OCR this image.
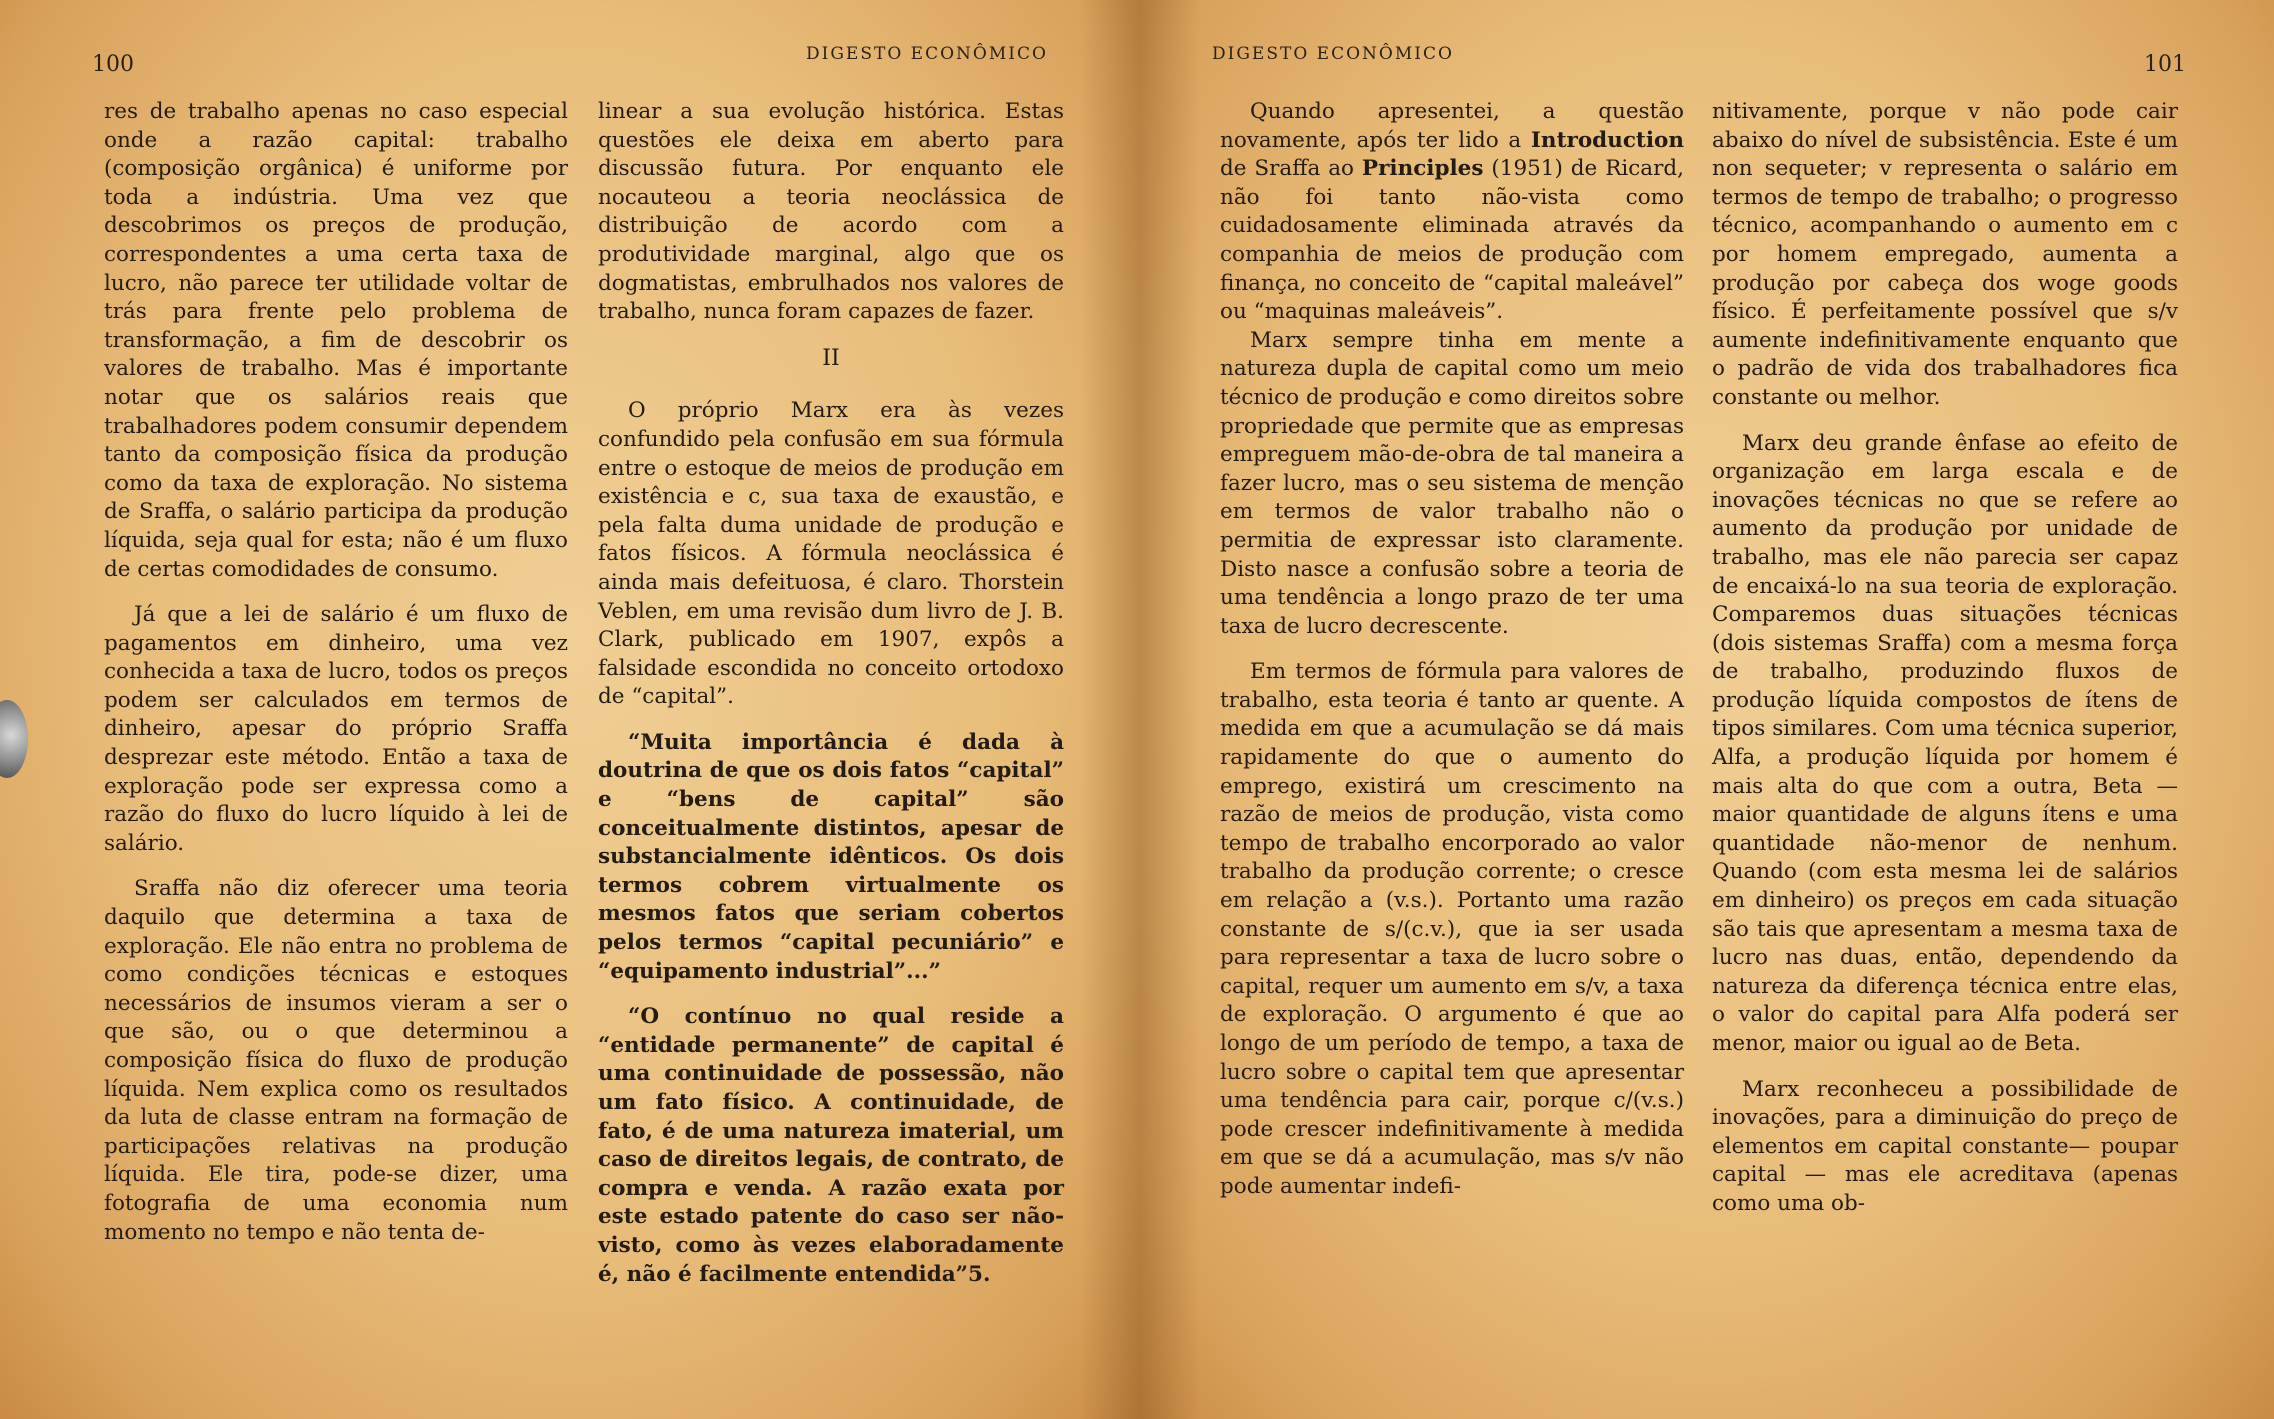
100	DIGESTO ECONÔMICO

res de trabalho apenas no caso especial onde a razão capital: trabalho (composição orgânica) é uniforme por toda a indústria. Uma vez que descobrimos os preços de produção, correspondentes a uma certa taxa de lucro, não parece ter utilidade voltar de trás para frente pelo problema de transformação, a fim de descobrir os valores de trabalho. Mas é importante notar que os salários reais que trabalhadores podem consumir dependem tanto da composição física da produção como da taxa de exploração. No sistema de Sraffa, o salário participa da produção líquida, seja qual for esta; não é um fluxo de certas comodidades de consumo.

Já que a lei de salário é um fluxo de pagamentos em dinheiro, uma vez conhecida a taxa de lucro, todos os preços podem ser calculados em termos de dinheiro, apesar do próprio Sraffa desprezar este método. Então a taxa de exploração pode ser expressa como a razão do fluxo do lucro líquido à lei de salário.

Sraffa não diz oferecer uma teoria daquilo que determina a taxa de exploração. Ele não entra no problema de como condições técnicas e estoques necessários de insumos vieram a ser o que são, ou o que determinou a composição física do fluxo de produção líquida. Nem explica como os resultados da luta de classe entram na formação de participações relativas na produção líquida. Ele tira, pode-se dizer, uma fotografia de uma economia num momento no tempo e não tenta de-

linear a sua evolução histórica. Estas questões ele deixa em aberto para discussão futura. Por enquanto ele nocauteou a teoria neoclássica de distribuição de acordo com a produtividade marginal, algo que os dogmatistas, embrulhados nos valores de trabalho, nunca foram capazes de fazer.

II

O próprio Marx era às vezes confundido pela confusão em sua fórmula entre o estoque de meios de produção em existência e c, sua taxa de exaustão, e pela falta duma unidade de produção e fatos físicos. A fórmula neoclássica é ainda mais defeituosa, é claro. Thorstein Veblen, em uma revisão dum livro de J. B. Clark, publicado em 1907, expôs a falsidade escondida no conceito ortodoxo de “capital”.

“Muita importância é dada à doutrina de que os dois fatos “capital” e “bens de capital” são conceitualmente distintos, apesar de substancialmente idênticos. Os dois termos cobrem virtualmente os mesmos fatos que seriam cobertos pelos termos “capital pecuniário” e “equipamento industrial”...”

“O contínuo no qual reside a “entidade permanente” de capital é uma continuidade de possessão, não um fato físico. A continuidade, de fato, é de uma natureza imaterial, um caso de direitos legais, de contrato, de compra e venda. A razão exata por este estado patente do caso ser não-visto, como às vezes elaboradamente é, não é facilmente entendida”5.

DIGESTO ECONÔMICO	101

Quando apresentei, a questão novamente, após ter lido a Introduction de Sraffa ao Principles (1951) de Ricard, não foi tanto não-vista como cuidadosamente eliminada através da companhia de meios de produção com finança, no conceito de “capital maleável” ou “maquinas maleáveis”.

Marx sempre tinha em mente a natureza dupla de capital como um meio técnico de produção e como direitos sobre propriedade que permite que as empresas empreguem mão-de-obra de tal maneira a fazer lucro, mas o seu sistema de menção em termos de valor trabalho não o permitia de expressar isto claramente. Disto nasce a confusão sobre a teoria de uma tendência a longo prazo de ter uma taxa de lucro decrescente.

Em termos de fórmula para valores de trabalho, esta teoria é tanto ar quente. A medida em que a acumulação se dá mais rapidamente do que o aumento do emprego, existirá um crescimento na razão de meios de produção, vista como tempo de trabalho encorporado ao valor trabalho da produção corrente; o cresce em relação a (v.s.). Portanto uma razão constante de s/(c.v.), que ia ser usada para representar a taxa de lucro sobre o capital, requer um aumento em s/v, a taxa de exploração. O argumento é que ao longo de um período de tempo, a taxa de lucro sobre o capital tem que apresentar uma tendência para cair, porque c/(v.s.) pode crescer indefinitivamente à medida em que se dá a acumulação, mas s/v não pode aumentar indefi-

nitivamente, porque v não pode cair abaixo do nível de subsistência. Este é um non sequeter; v representa o salário em termos de tempo de trabalho; o progresso técnico, acompanhando o aumento em c por homem empregado, aumenta a produção por cabeça dos woge goods físico. É perfeitamente possível que s/v aumente indefinitivamente enquanto que o padrão de vida dos trabalhadores fica constante ou melhor.

Marx deu grande ênfase ao efeito de organização em larga escala e de inovações técnicas no que se refere ao aumento da produção por unidade de trabalho, mas ele não parecia ser capaz de encaixá-lo na sua teoria de exploração. Comparemos duas situações técnicas (dois sistemas Sraffa) com a mesma força de trabalho, produzindo fluxos de produção líquida compostos de ítens de tipos similares. Com uma técnica superior, Alfa, a produção líquida por homem é mais alta do que com a outra, Beta — maior quantidade de alguns ítens e uma quantidade não-menor de nenhum. Quando (com esta mesma lei de salários em dinheiro) os preços em cada situação são tais que apresentam a mesma taxa de lucro nas duas, então, dependendo da natureza da diferença técnica entre elas, o valor do capital para Alfa poderá ser menor, maior ou igual ao de Beta.

Marx reconheceu a possibilidade de inovações, para a diminuição do preço de elementos em capital constante— poupar capital — mas ele acreditava (apenas como uma ob-
